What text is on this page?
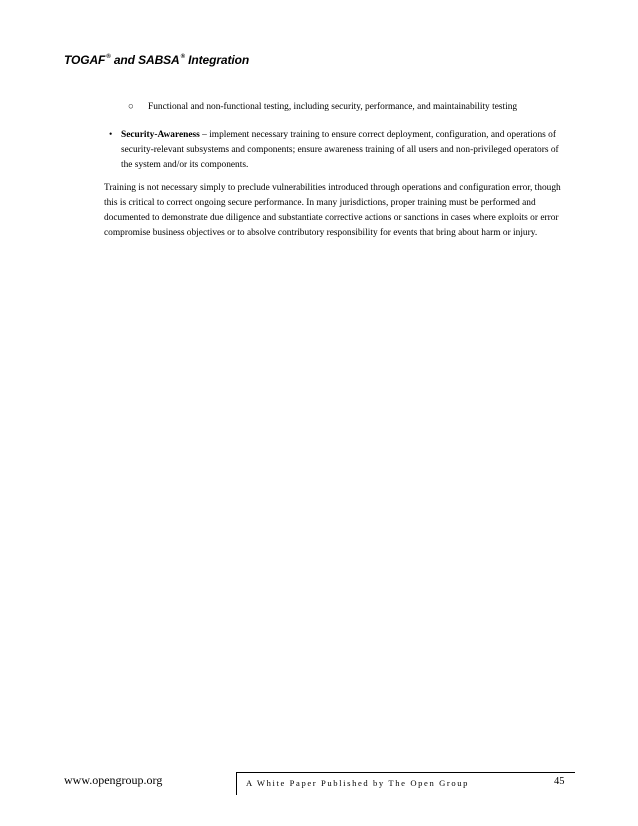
TOGAF® and SABSA® Integration
○ Functional and non-functional testing, including security, performance, and maintainability testing
• Security-Awareness – implement necessary training to ensure correct deployment, configuration, and operations of security-relevant subsystems and components; ensure awareness training of all users and non-privileged operators of the system and/or its components.
Training is not necessary simply to preclude vulnerabilities introduced through operations and configuration error, though this is critical to correct ongoing secure performance. In many jurisdictions, proper training must be performed and documented to demonstrate due diligence and substantiate corrective actions or sanctions in cases where exploits or error compromise business objectives or to absolve contributory responsibility for events that bring about harm or injury.
www.opengroup.org	A White Paper Published by The Open Group	45
